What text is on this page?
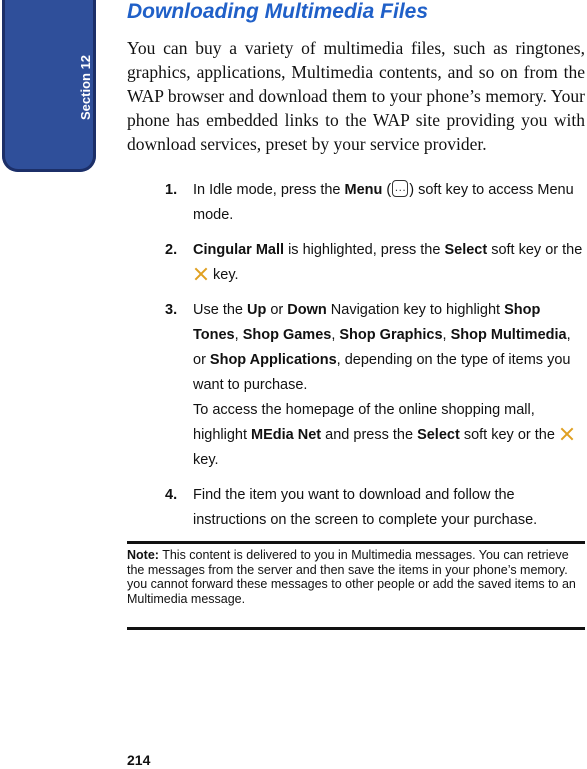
Section 12
Downloading Multimedia Files

You can buy a variety of multimedia files, such as ringtones, graphics, applications, Multimedia contents, and so on from the WAP browser and download them to your phone’s memory. Your phone has embedded links to the WAP site providing you with download services, preset by your service provider.

1. In Idle mode, press the Menu (… ) soft key to access Menu mode.
2. Cingular Mall is highlighted, press the Select soft key or the  key.
3. Use the Up or Down Navigation key to highlight Shop Tones, Shop Games, Shop Graphics, Shop Multimedia, or Shop Applications, depending on the type of items you want to purchase.
To access the homepage of the online shopping mall, highlight MEdia Net and press the Select soft key or the  key.
4. Find the item you want to download and follow the instructions on the screen to complete your purchase.

Note: This content is delivered to you in Multimedia messages. You can retrieve the messages from the server and then save the items in your phone’s memory. you cannot forward these messages to other people or add the saved items to an Multimedia message.

214
